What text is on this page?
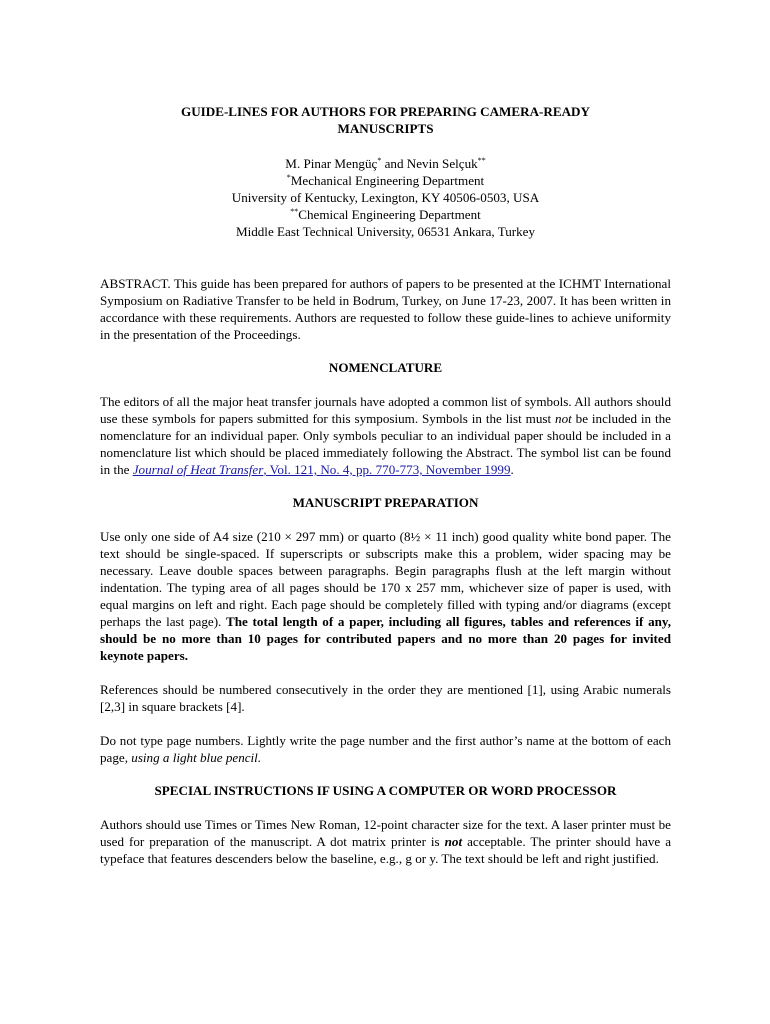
GUIDE-LINES FOR AUTHORS FOR PREPARING CAMERA-READY
MANUSCRIPTS
M. Pinar Mengüç* and Nevin Selçuk**
*Mechanical Engineering Department
University of Kentucky, Lexington, KY 40506-0503, USA
**Chemical Engineering Department
Middle East Technical University, 06531 Ankara, Turkey

ABSTRACT. This guide has been prepared for authors of papers to be presented at the ICHMT International Symposium on Radiative Transfer to be held in Bodrum, Turkey, on June 17-23, 2007. It has been written in accordance with these requirements. Authors are requested to follow these guide-lines to achieve uniformity in the presentation of the Proceedings.

NOMENCLATURE

The editors of all the major heat transfer journals have adopted a common list of symbols. All authors should use these symbols for papers submitted for this symposium. Symbols in the list must not be included in the nomenclature for an individual paper. Only symbols peculiar to an individual paper should be included in a nomenclature list which should be placed immediately following the Abstract. The symbol list can be found in the Journal of Heat Transfer, Vol. 121, No. 4, pp. 770-773, November 1999.

MANUSCRIPT PREPARATION

Use only one side of A4 size (210 × 297 mm) or quarto (8½ × 11 inch) good quality white bond paper. The text should be single-spaced. If superscripts or subscripts make this a problem, wider spacing may be necessary. Leave double spaces between paragraphs. Begin paragraphs flush at the left margin without indentation. The typing area of all pages should be 170 x 257 mm, whichever size of paper is used, with equal margins on left and right. Each page should be completely filled with typing and/or diagrams (except perhaps the last page). The total length of a paper, including all figures, tables and references if any, should be no more than 10 pages for contributed papers and no more than 20 pages for invited keynote papers.

References should be numbered consecutively in the order they are mentioned [1], using Arabic numerals [2,3] in square brackets [4].

Do not type page numbers. Lightly write the page number and the first author’s name at the bottom of each page, using a light blue pencil.

SPECIAL INSTRUCTIONS IF USING A COMPUTER OR WORD PROCESSOR

Authors should use Times or Times New Roman, 12-point character size for the text. A laser printer must be used for preparation of the manuscript. A dot matrix printer is not acceptable. The printer should have a typeface that features descenders below the baseline, e.g., g or y. The text should be left and right justified.
